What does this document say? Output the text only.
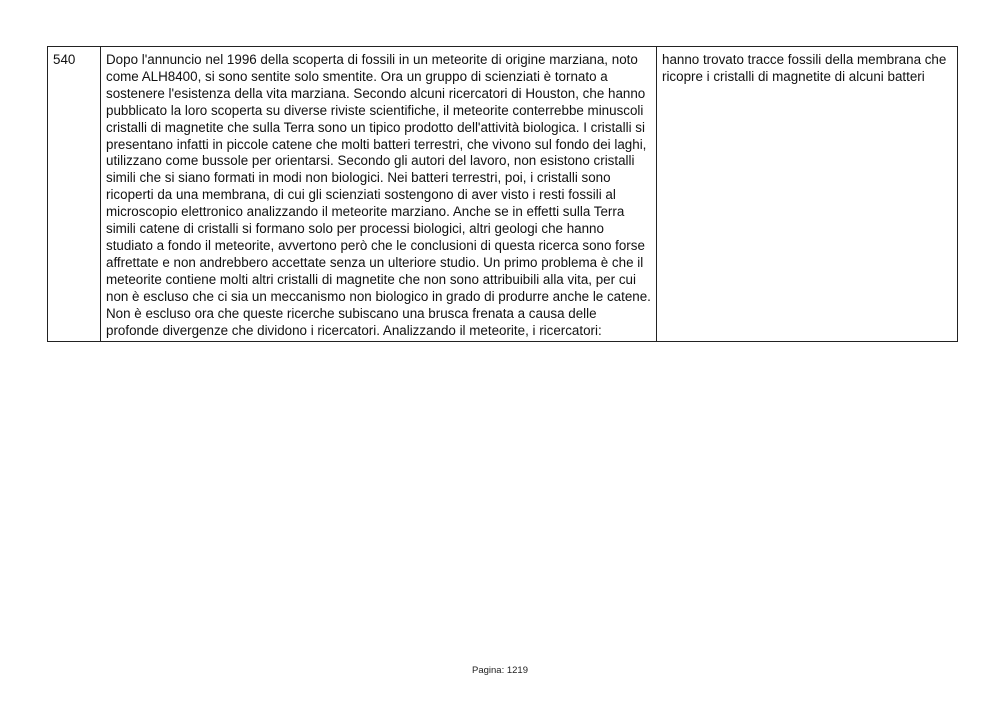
540	Dopo l'annuncio nel 1996 della scoperta di fossili in un meteorite di origine marziana, noto come ALH8400, si sono sentite solo smentite. Ora un gruppo di scienziati è tornato a sostenere l'esistenza della vita marziana. Secondo alcuni ricercatori di Houston, che hanno pubblicato la loro scoperta su diverse riviste scientifiche, il meteorite conterrebbe minuscoli cristalli di magnetite che sulla Terra sono un tipico prodotto dell'attività biologica. I cristalli si presentano infatti in piccole catene che molti batteri terrestri, che vivono sul fondo dei laghi, utilizzano come bussole per orientarsi. Secondo gli autori del lavoro, non esistono cristalli simili che si siano formati in modi non biologici. Nei batteri terrestri, poi, i cristalli sono ricoperti da una membrana, di cui gli scienziati sostengono di aver visto i resti fossili al microscopio elettronico analizzando il meteorite marziano. Anche se in effetti sulla Terra simili catene di cristalli si formano solo per processi biologici, altri geologi che hanno studiato a fondo il meteorite, avvertono però che le conclusioni di questa ricerca sono forse affrettate e non andrebbero accettate senza un ulteriore studio. Un primo problema è che il meteorite contiene molti altri cristalli di magnetite che non sono attribuibili alla vita, per cui non è escluso che ci sia un meccanismo non biologico in grado di produrre anche le catene. Non è escluso ora che queste ricerche subiscano una brusca frenata a causa delle profonde divergenze che dividono i ricercatori. Analizzando il meteorite, i ricercatori:	hanno trovato tracce fossili della membrana che ricopre i cristalli di magnetite di alcuni batteri
Pagina: 1219
